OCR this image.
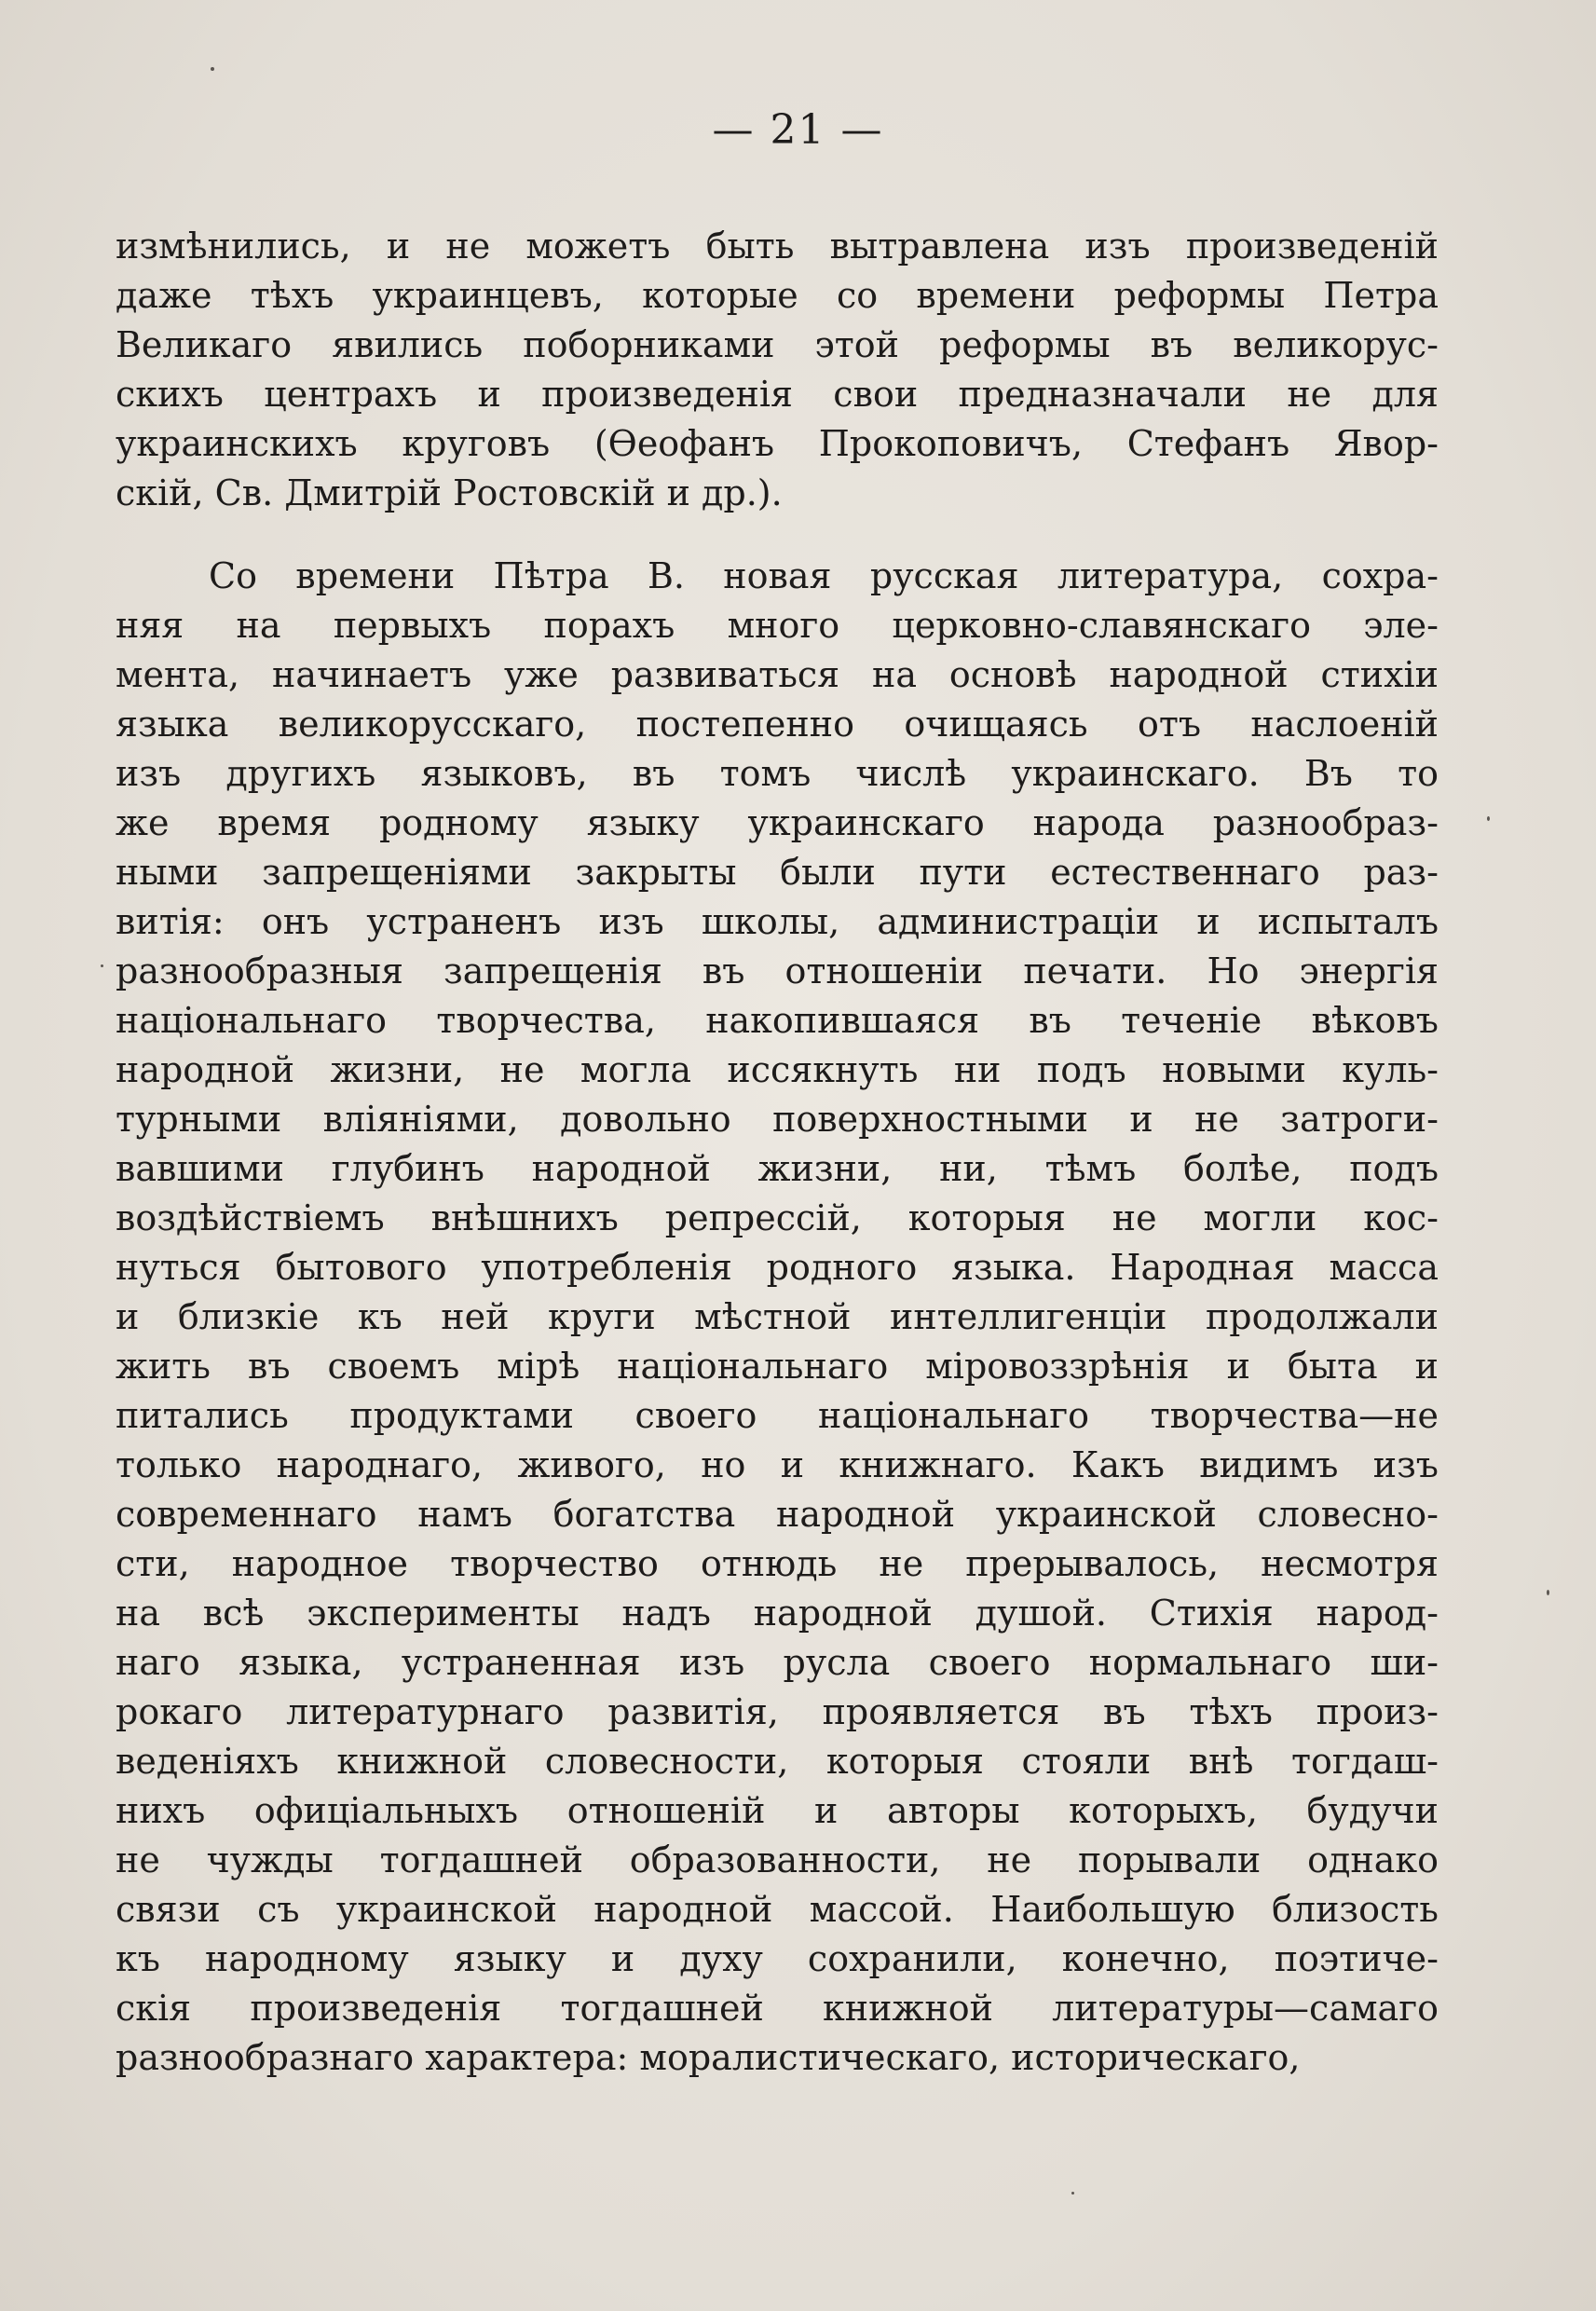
— 21 —
измѣнились, и не можетъ быть вытравлена изъ произведенiй
даже тѣхъ украинцевъ, которые со времени реформы Петра
Великаго явились поборниками этой реформы въ великорус-
скихъ центрахъ и произведенiя свои предназначали не для
украинскихъ круговъ (Ѳеофанъ Прокоповичъ, Стефанъ Явор-
скiй, Св. Дмитрiй Ростовскiй и др.).
Со времени Пѣтра В. новая русская литература, сохра-
няя на первыхъ порахъ много церковно-славянскаго эле-
мента, начинаетъ уже развиваться на основѣ народной стихiи
языка великорусскаго, постепенно очищаясь отъ наслоенiй
изъ другихъ языковъ, въ томъ числѣ украинскаго. Въ то
же время родному языку украинскаго народа разнообраз-
ными запрещенiями закрыты были пути естественнаго раз-
витiя: онъ устраненъ изъ школы, администрацiи и испыталъ
разнообразныя запрещенiя въ отношенiи печати. Но энергiя
нацiональнаго творчества, накопившаяся въ теченiе вѣковъ
народной жизни, не могла иссякнуть ни подъ новыми куль-
турными влiянiями, довольно поверхностными и не затроги-
вавшими глубинъ народной жизни, ни, тѣмъ болѣе, подъ
воздѣйствiемъ внѣшнихъ репрессiй, которыя не могли кос-
нуться бытового употребленiя родного языка. Народная масса
и близкiе къ ней круги мѣстной интеллигенцiи продолжали
жить въ своемъ мiрѣ нацiональнаго мiровоззрѣнiя и быта и
питались продуктами своего нацiональнаго творчества—не
только народнаго, живого, но и книжнаго. Какъ видимъ изъ
современнаго намъ богатства народной украинской словесно-
сти, народное творчество отнюдь не прерывалось, несмотря
на всѣ эксперименты надъ народной душой. Стихiя народ-
наго языка, устраненная изъ русла своего нормальнаго ши-
рокаго литературнаго развитiя, проявляется въ тѣхъ произ-
веденiяхъ книжной словесности, которыя стояли внѣ тогдаш-
нихъ офицiальныхъ отношенiй и авторы которыхъ, будучи
не чужды тогдашней образованности, не порывали однако
связи съ украинской народной массой. Наибольшую близость
къ народному языку и духу сохранили, конечно, поэтиче-
скiя произведенiя тогдашней книжной литературы—самаго
разнообразнаго характера: моралистическаго, историческаго,
